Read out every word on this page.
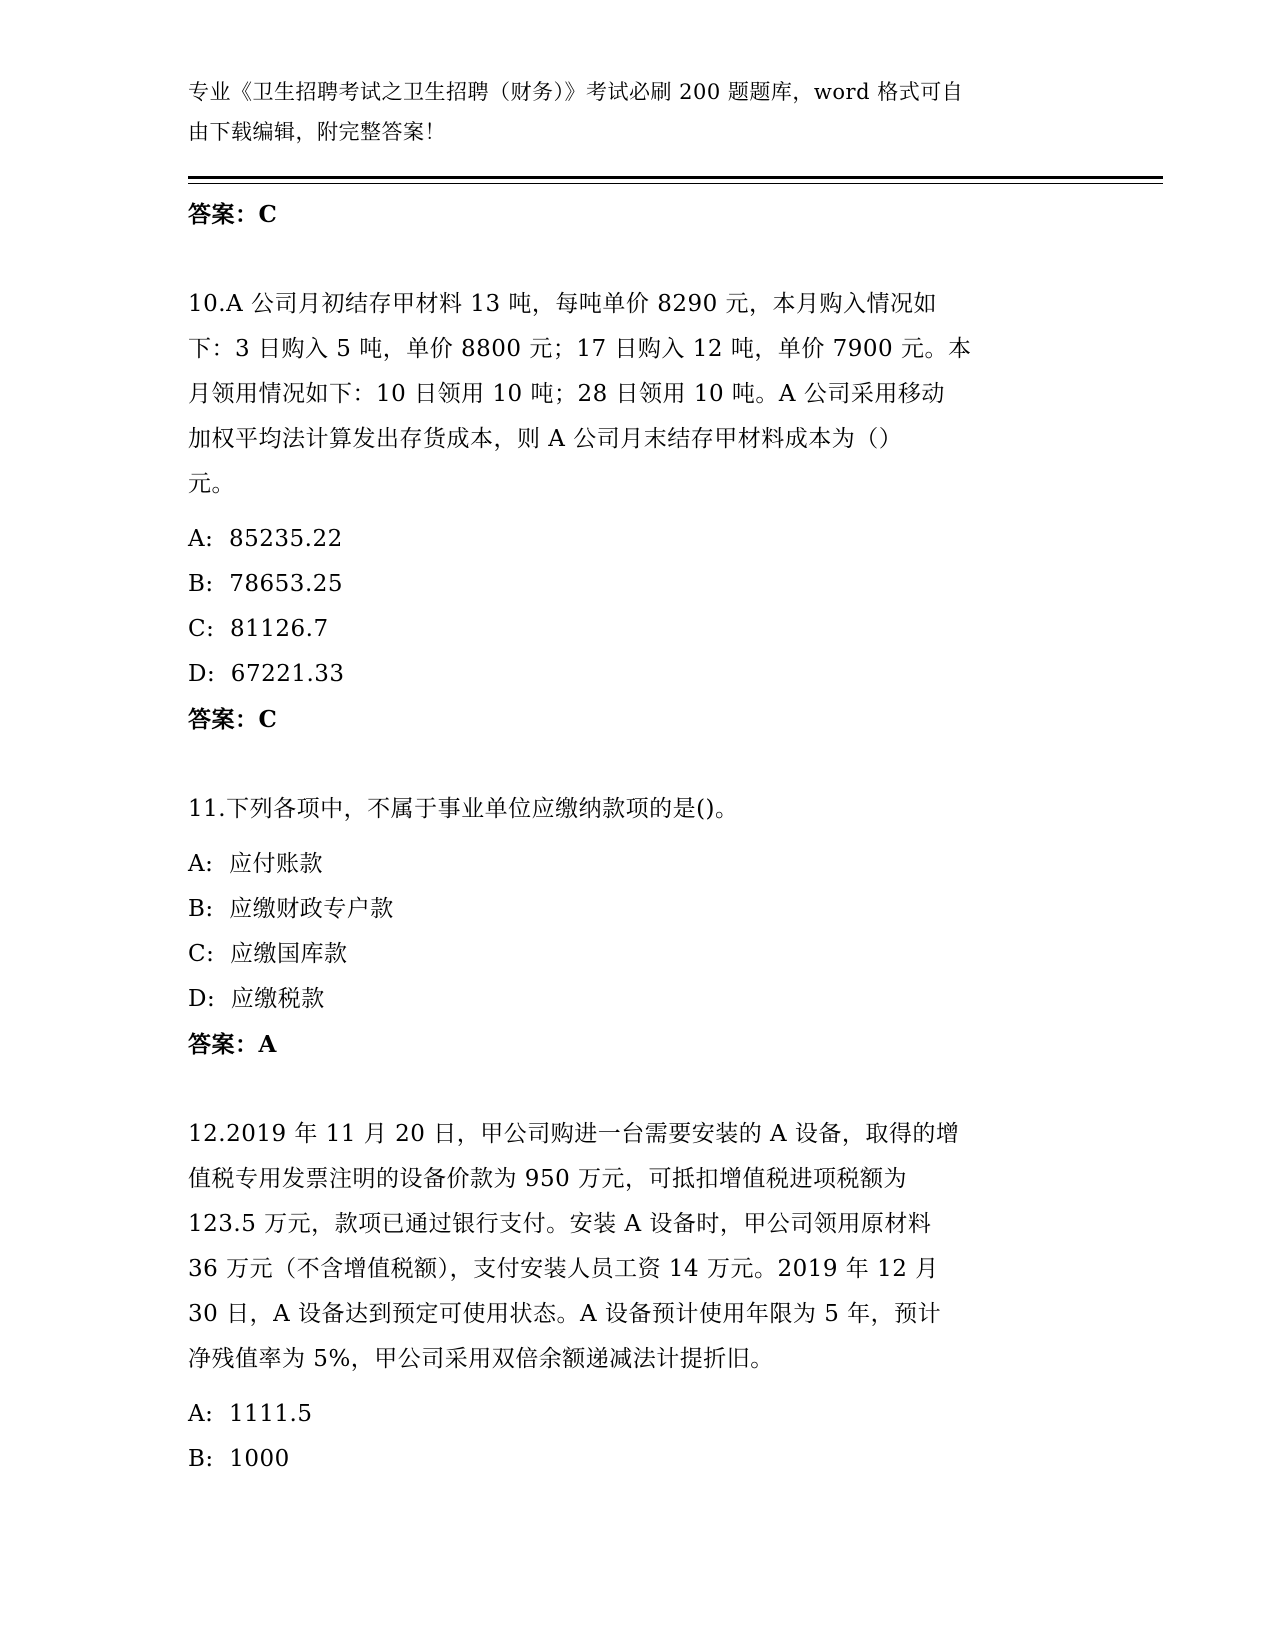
专业《卫生招聘考试之卫生招聘（财务）》考试必刷 200 题题库，word 格式可自

由下载编辑，附完整答案！

答案：C

10.A 公司月初结存甲材料 13 吨，每吨单价 8290 元，本月购入情况如

下：3 日购入 5 吨，单价 8800 元；17 日购入 12 吨，单价 7900 元。本

月领用情况如下：10 日领用 10 吨；28 日领用 10 吨。A 公司采用移动

加权平均法计算发出存货成本，则 A 公司月末结存甲材料成本为（）

元。

A:  85235.22

B:  78653.25

C:  81126.7

D:  67221.33

答案：C

11.下列各项中，不属于事业单位应缴纳款项的是()。

A:  应付账款

B:  应缴财政专户款

C:  应缴国库款

D:  应缴税款

答案：A

12.2019 年 11 月 20 日，甲公司购进一台需要安装的 A 设备，取得的增

值税专用发票注明的设备价款为 950 万元，可抵扣增值税进项税额为

123.5 万元，款项已通过银行支付。安装 A 设备时，甲公司领用原材料

36 万元（不含增值税额），支付安装人员工资 14 万元。2019 年 12 月

30 日，A 设备达到预定可使用状态。A 设备预计使用年限为 5 年，预计

净残值率为 5%，甲公司采用双倍余额递减法计提折旧。

A:  1111.5

B:  1000
